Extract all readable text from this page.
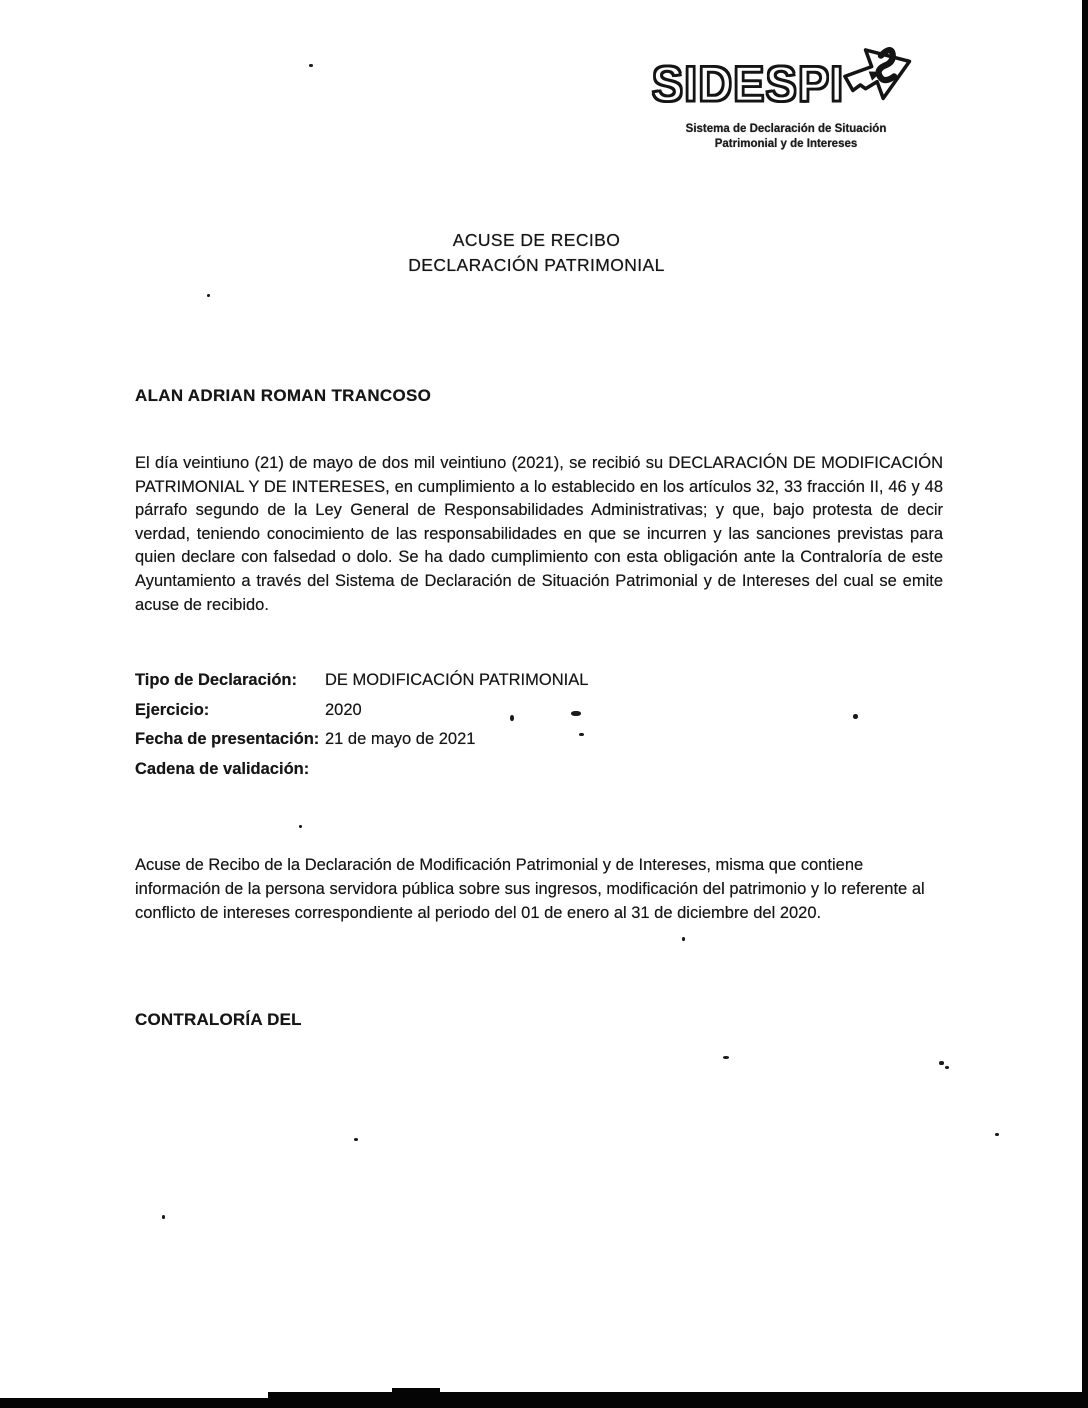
SIDESPI
Sistema de Declaración de Situación
Patrimonial y de Intereses
ACUSE DE RECIBO
DECLARACIÓN PATRIMONIAL
ALAN ADRIAN ROMAN TRANCOSO
El día veintiuno (21) de mayo de dos mil veintiuno (2021), se recibió su DECLARACIÓN DE MODIFICACIÓN PATRIMONIAL Y DE INTERESES, en cumplimiento a lo establecido en los artículos 32, 33 fracción II, 46 y 48 párrafo segundo de la Ley General de Responsabilidades Administrativas; y que, bajo protesta de decir verdad, teniendo conocimiento de las responsabilidades en que se incurren y las sanciones previstas para quien declare con falsedad o dolo. Se ha dado cumplimiento con esta obligación ante la Contraloría de este Ayuntamiento a través del Sistema de Declaración de Situación Patrimonial y de Intereses del cual se emite acuse de recibido.
Tipo de Declaración:	DE MODIFICACIÓN PATRIMONIAL
Ejercicio:	2020
Fecha de presentación: 21 de mayo de 2021
Cadena de validación:
Acuse de Recibo de la Declaración de Modificación Patrimonial y de Intereses, misma que contiene información de la persona servidora pública sobre sus ingresos, modificación del patrimonio y lo referente al conflicto de intereses correspondiente al periodo del 01 de enero al 31 de diciembre del 2020.
CONTRALORÍA DEL
